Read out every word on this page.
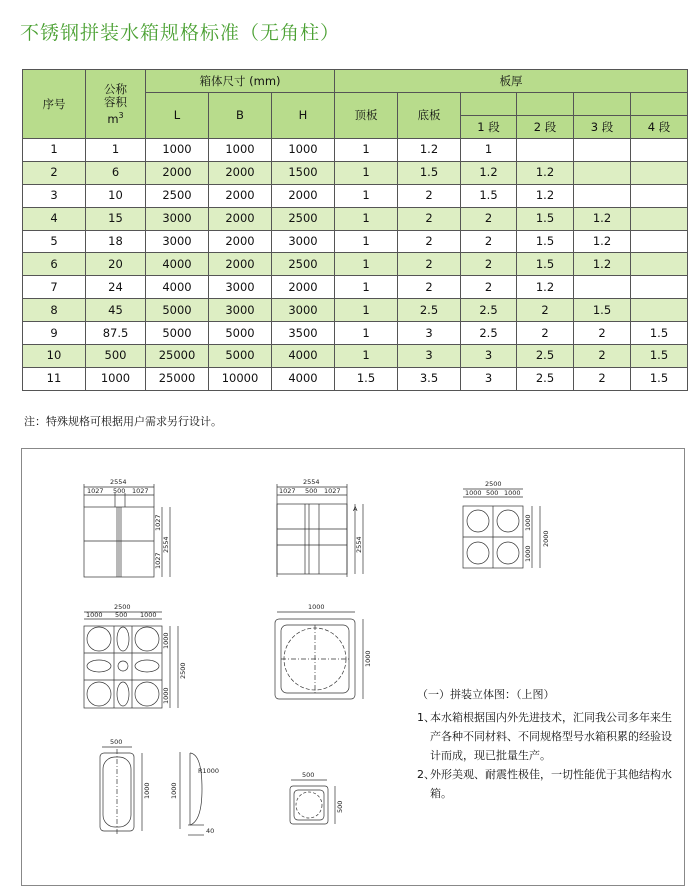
不锈钢拼装水箱规格标准（无角柱）
序号	公称
容积
$m^3$	箱体尺寸 (mm)			板厚					
		L	B	H	顶板	底板				
							1 段	2 段	3 段	4 段
1	1	1000	1000	1000	1	1.2	1			
2	6	2000	2000	1500	1	1.5	1.2	1.2		
3	10	2500	2000	2000	1	2	1.5	1.2		
4	15	3000	2000	2500	1	2	2	1.5	1.2	
5	18	3000	2000	3000	1	2	2	1.5	1.2	
6	20	4000	2000	2500	1	2	2	1.5	1.2	
7	24	4000	3000	2000	1	2	2	1.2		
8	45	5000	3000	3000	1	2.5	2.5	2	1.5	
9	87.5	5000	5000	3500	1	3	2.5	2	2	1.5
10	500	25000	5000	4000	1	3	3	2.5	2	1.5
11	1000	25000	10000	4000	1.5	3.5	3	2.5	2	1.5
注：特殊规格可根据用户需求另行设计。
2554
1027 500 1027
1027
2554
1027
2554
1027 500 1027
A
2554
2500
1000 500 1000
1000
1000
2000
2500
1000 500 1000
1000
1000
2500
1000
1000
500
1000
R1000
1000
40
500
500
（一）拼装立体图：（上图）
1、
本水箱根据国内外先进技术，汇同我公司多年来生产各种不同材料、不同规格型号水箱积累的经验设计而成，现已批量生产。
2、
外形美观、耐震性极佳，一切性能优于其他结构水箱。
